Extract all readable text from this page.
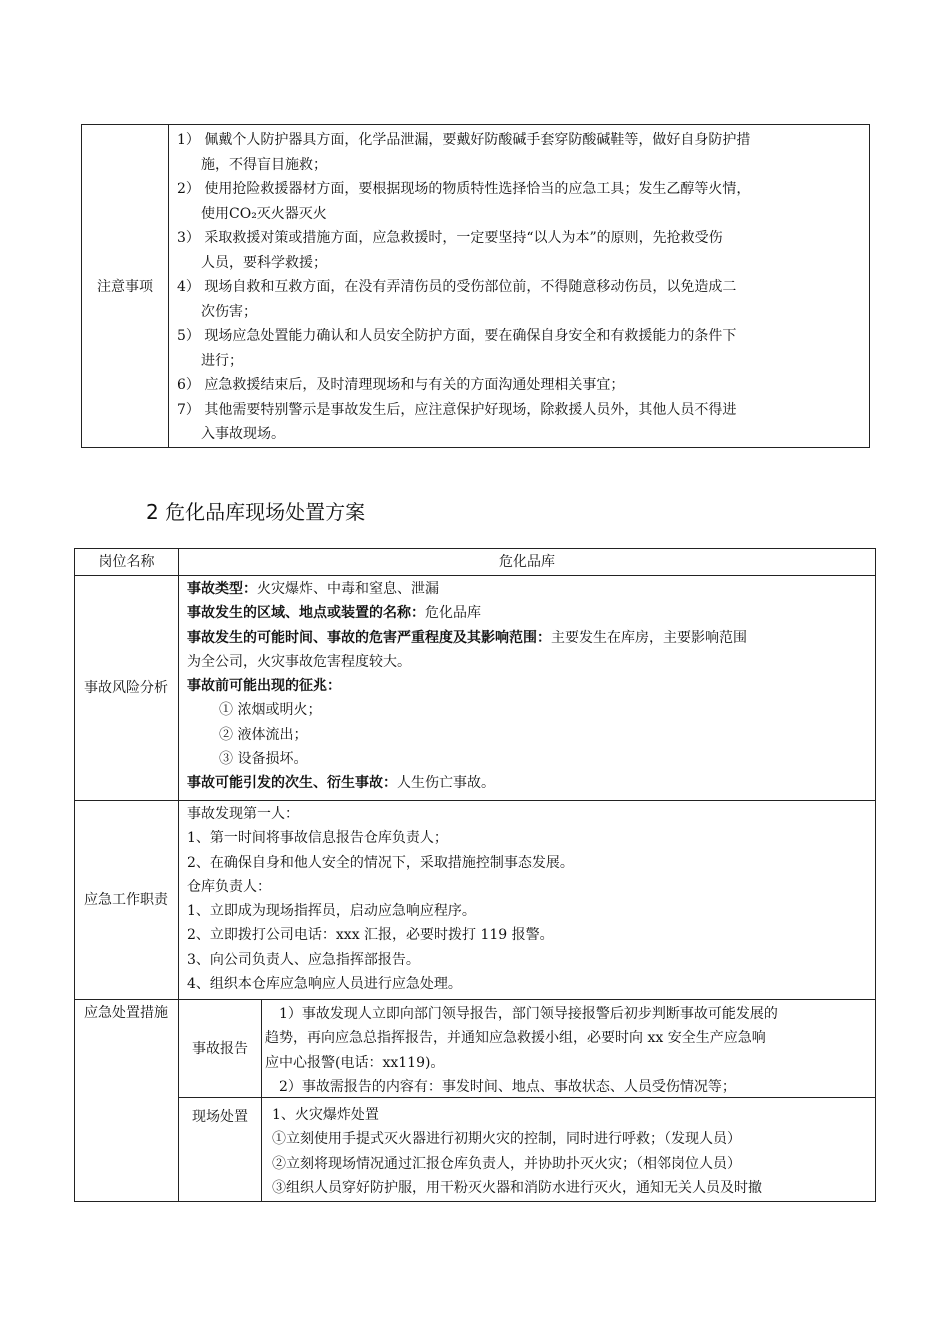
注意事项
1） 佩戴个人防护器具方面，化学品泄漏，要戴好防酸碱手套穿防酸碱鞋等，做好自身防护措
施，不得盲目施救；
2） 使用抢险救援器材方面，要根据现场的物质特性选择恰当的应急工具；发生乙醇等火情，
使用CO₂灭火器灭火
3） 采取救援对策或措施方面，应急救援时，一定要坚持“以人为本”的原则，先抢救受伤
人员，要科学救援；
4） 现场自救和互救方面，在没有弄清伤员的受伤部位前，不得随意移动伤员，以免造成二
次伤害；
5） 现场应急处置能力确认和人员安全防护方面，要在确保自身安全和有救援能力的条件下
进行；
6） 应急救援结束后，及时清理现场和与有关的方面沟通处理相关事宜；
7） 其他需要特别警示是事故发生后，应注意保护好现场，除救援人员外，其他人员不得进
入事故现场。
2 危化品库现场处置方案
岗位名称	危化品库
事故风险分析
事故类型：火灾爆炸、中毒和窒息、泄漏
事故发生的区域、地点或装置的名称：危化品库
事故发生的可能时间、事故的危害严重程度及其影响范围：主要发生在库房，主要影响范围
为全公司，火灾事故危害程度较大。
事故前可能出现的征兆：
① 浓烟或明火；
② 液体流出；
③ 设备损坏。
事故可能引发的次生、衍生事故：人生伤亡事故。
应急工作职责
事故发现第一人：
1、第一时间将事故信息报告仓库负责人；
2、在确保自身和他人安全的情况下，采取措施控制事态发展。
仓库负责人：
1、立即成为现场指挥员，启动应急响应程序。
2、立即拨打公司电话：xxx 汇报，必要时拨打 119 报警。
3、向公司负责人、应急指挥部报告。
4、组织本仓库应急响应人员进行应急处理。
应急处置措施
事故报告
1）事故发现人立即向部门领导报告，部门领导接报警后初步判断事故可能发展的
趋势，再向应急总指挥报告，并通知应急救援小组，必要时向 xx 安全生产应急响
应中心报警(电话：xx119)。
2）事故需报告的内容有：事发时间、地点、事故状态、人员受伤情况等；
现场处置	1、火灾爆炸处置
①立刻使用手提式灭火器进行初期火灾的控制，同时进行呼救；（发现人员）
②立刻将现场情况通过汇报仓库负责人，并协助扑灭火灾；（相邻岗位人员）
③组织人员穿好防护服，用干粉灭火器和消防水进行灭火，通知无关人员及时撤
